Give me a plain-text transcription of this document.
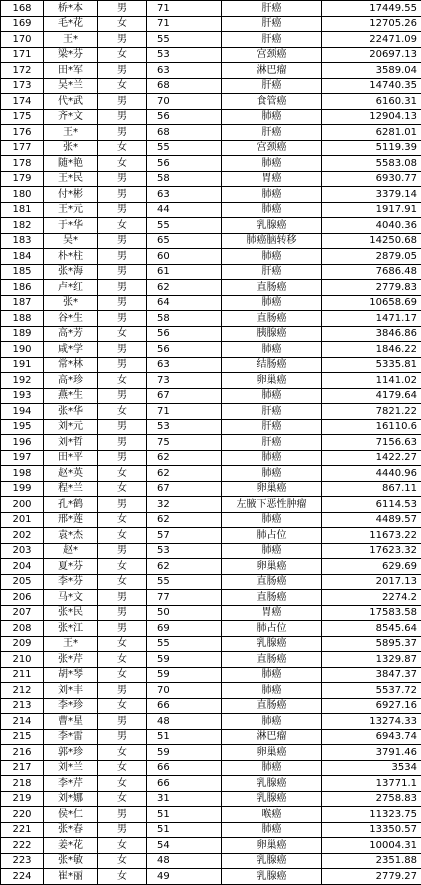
168	桥*本	男	71	肝癌	17449.55
169	毛*花	女	71	肝癌	12705.26
170	王*	男	55	肝癌	22471.09
171	梁*芬	女	53	宫颈癌	20697.13
172	田*军	男	63	淋巴瘤	3589.04
173	吴*兰	女	68	肝癌	14740.35
174	代*武	男	70	食管癌	6160.31
175	齐*文	男	56	肺癌	12904.13
176	王*	男	68	肝癌	6281.01
177	张*	女	55	宫颈癌	5119.39
178	随*艳	女	56	肺癌	5583.08
179	王*民	男	58	胃癌	6930.77
180	付*彬	男	63	肺癌	3379.14
181	王*元	男	44	肺癌	1917.91
182	于*华	女	55	乳腺癌	4040.36
183	吴*	男	65	肺癌脑转移	14250.68
184	朴*柱	男	60	肺癌	2879.05
185	张*海	男	61	肝癌	7686.48
186	卢*红	男	62	直肠癌	2779.83
187	张*	男	64	肺癌	10658.69
188	谷*生	男	58	直肠癌	1471.17
189	高*芳	女	56	胰腺癌	3846.86
190	咸*学	男	56	肺癌	1846.22
191	常*林	男	63	结肠癌	5335.81
192	高*珍	女	73	卵巢癌	1141.02
193	燕*生	男	67	肺癌	4179.64
194	张*华	女	71	肝癌	7821.22
195	刘*元	男	53	肝癌	16110.6
196	刘*哲	男	75	肝癌	7156.63
197	田*平	男	62	肺癌	1422.27
198	赵*英	女	62	肺癌	4440.96
199	程*兰	女	67	卵巢癌	867.11
200	孔*鹤	男	32	左腋下恶性肿瘤	6114.53
201	邢*莲	女	62	肺癌	4489.57
202	袁*杰	女	57	肺占位	11673.22
203	赵*	男	53	肺癌	17623.32
204	夏*芬	女	62	卵巢癌	629.69
205	李*芬	女	55	直肠癌	2017.13
206	马*文	男	77	直肠癌	2274.2
207	张*民	男	50	胃癌	17583.58
208	张*江	男	69	肺占位	8545.64
209	王*	女	55	乳腺癌	5895.37
210	张*芹	女	59	直肠癌	1329.87
211	胡*琴	女	59	肺癌	3847.37
212	刘*丰	男	70	肺癌	5537.72
213	李*珍	女	66	直肠癌	6927.16
214	曹*星	男	48	肺癌	13274.33
215	李*雷	男	51	淋巴瘤	6943.74
216	郭*珍	女	59	卵巢癌	3791.46
217	刘*兰	女	66	肺癌	3534
218	李*芹	女	66	乳腺癌	13771.1
219	刘*娜	女	31	乳腺癌	2758.83
220	侯*仁	男	51	喉癌	11323.75
221	张*春	男	51	肺癌	13350.57
222	姜*花	女	54	卵巢癌	10004.31
223	张*敏	女	48	乳腺癌	2351.88
224	崔*丽	女	49	乳腺癌	2779.27
